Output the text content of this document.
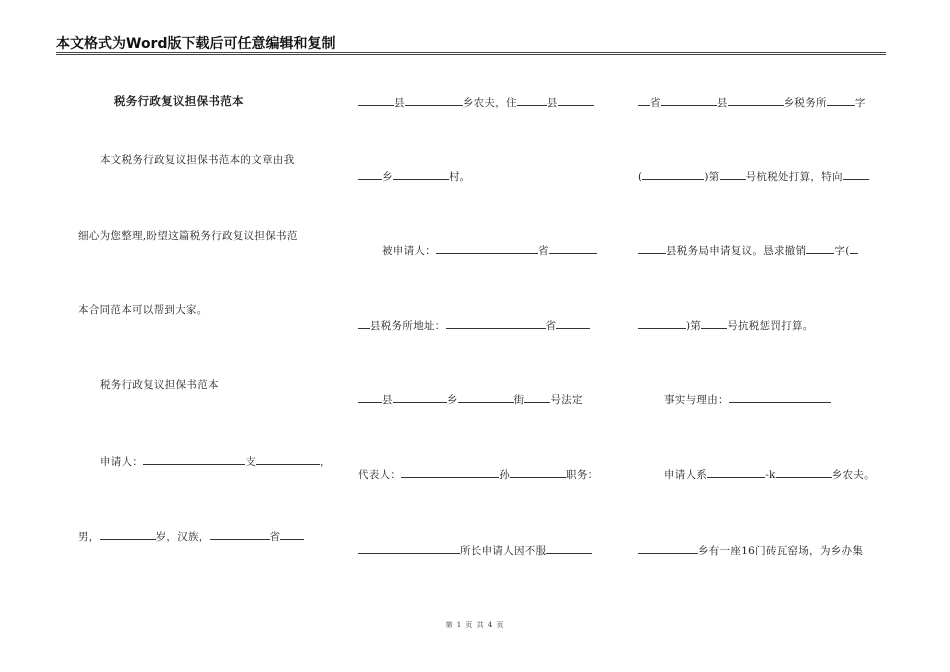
本文格式为Word版下载后可任意编辑和复制
税务行政复议担保书范本
本文税务行政复议担保书范本的文章由我
细心为您整理,盼望这篇税务行政复议担保书范
本合同范本可以帮到大家。
税务行政复议担保书范本
申请人：	支	，
男，	岁，汉族，	省
县	乡农夫，住	县
乡	村。
被申请人：	省
县税务所地址：	省
县	乡	街 号法定
代表人：	孙	职务：
所长申请人因不服
省	县	乡税务所	字
(	)第 号杭税处打算，特向
县税务局申请复议。恳求撤销	字(
)第 号抗税惩罚打算。
事实与理由：
申请人系	-k	乡农夫。
乡有一座16门砖瓦窑场，为乡办集
第 1 页 共 4 页
